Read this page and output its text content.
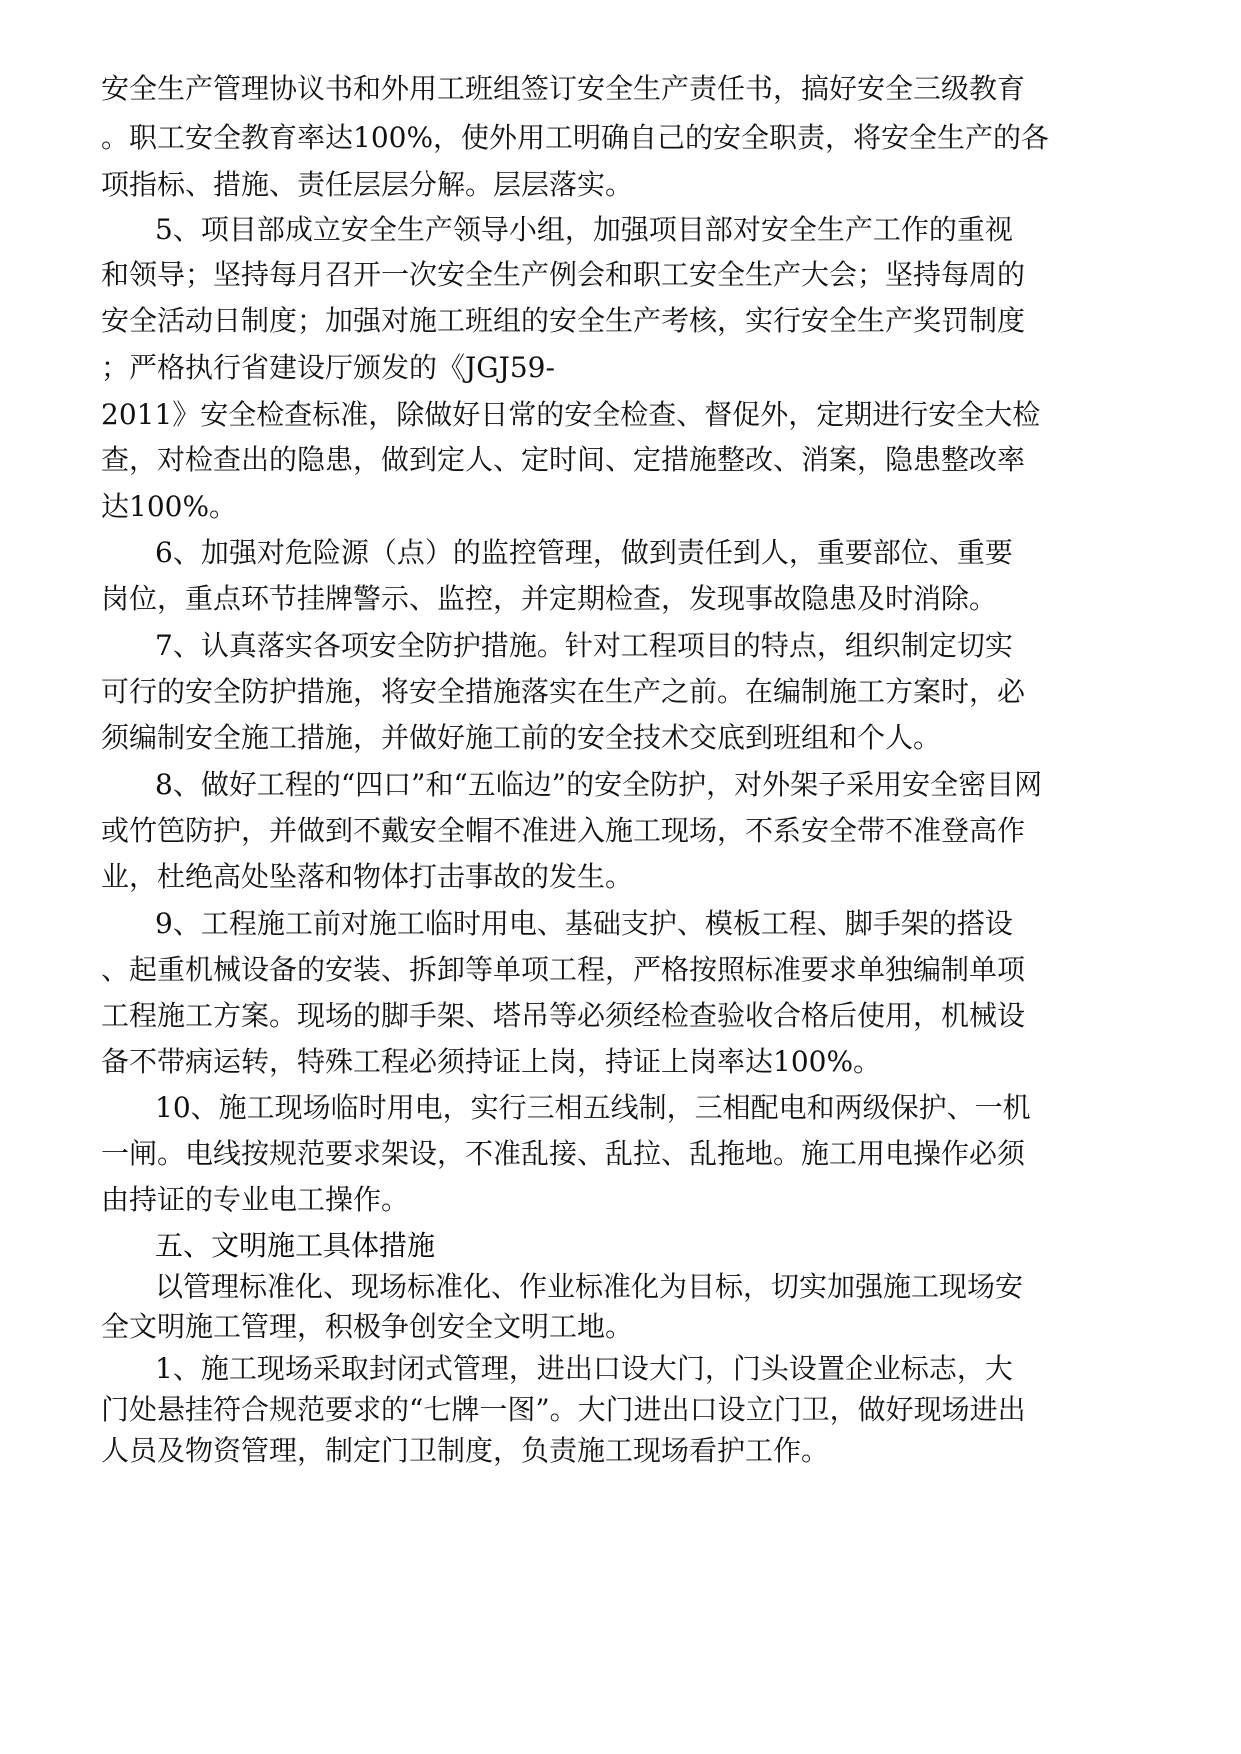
安全生产管理协议书和外用工班组签订安全生产责任书，搞好安全三级教育
。职工安全教育率达100%，使外用工明确自己的安全职责，将安全生产的各
项指标、措施、责任层层分解。层层落实。
5、项目部成立安全生产领导小组，加强项目部对安全生产工作的重视
和领导；坚持每月召开一次安全生产例会和职工安全生产大会；坚持每周的
安全活动日制度；加强对施工班组的安全生产考核，实行安全生产奖罚制度
；严格执行省建设厅颁发的《JGJ59-
2011》安全检查标准，除做好日常的安全检查、督促外，定期进行安全大检
查，对检查出的隐患，做到定人、定时间、定措施整改、消案，隐患整改率
达100%。
6、加强对危险源（点）的监控管理，做到责任到人，重要部位、重要
岗位，重点环节挂牌警示、监控，并定期检查，发现事故隐患及时消除。
7、认真落实各项安全防护措施。针对工程项目的特点，组织制定切实
可行的安全防护措施，将安全措施落实在生产之前。在编制施工方案时，必
须编制安全施工措施，并做好施工前的安全技术交底到班组和个人。
8、做好工程的“四口”和“五临边”的安全防护，对外架子采用安全密目网
或竹笆防护，并做到不戴安全帽不准进入施工现场，不系安全带不准登高作
业，杜绝高处坠落和物体打击事故的发生。
9、工程施工前对施工临时用电、基础支护、模板工程、脚手架的搭设
、起重机械设备的安装、拆卸等单项工程，严格按照标准要求单独编制单项
工程施工方案。现场的脚手架、塔吊等必须经检查验收合格后使用，机械设
备不带病运转，特殊工程必须持证上岗，持证上岗率达100%。
10、施工现场临时用电，实行三相五线制，三相配电和两级保护、一机
一闸。电线按规范要求架设，不准乱接、乱拉、乱拖地。施工用电操作必须
由持证的专业电工操作。
五、文明施工具体措施
以管理标准化、现场标准化、作业标准化为目标，切实加强施工现场安
全文明施工管理，积极争创安全文明工地。
1、施工现场采取封闭式管理，进出口设大门，门头设置企业标志，大
门处悬挂符合规范要求的“七牌一图”。大门进出口设立门卫，做好现场进出
人员及物资管理，制定门卫制度，负责施工现场看护工作。
